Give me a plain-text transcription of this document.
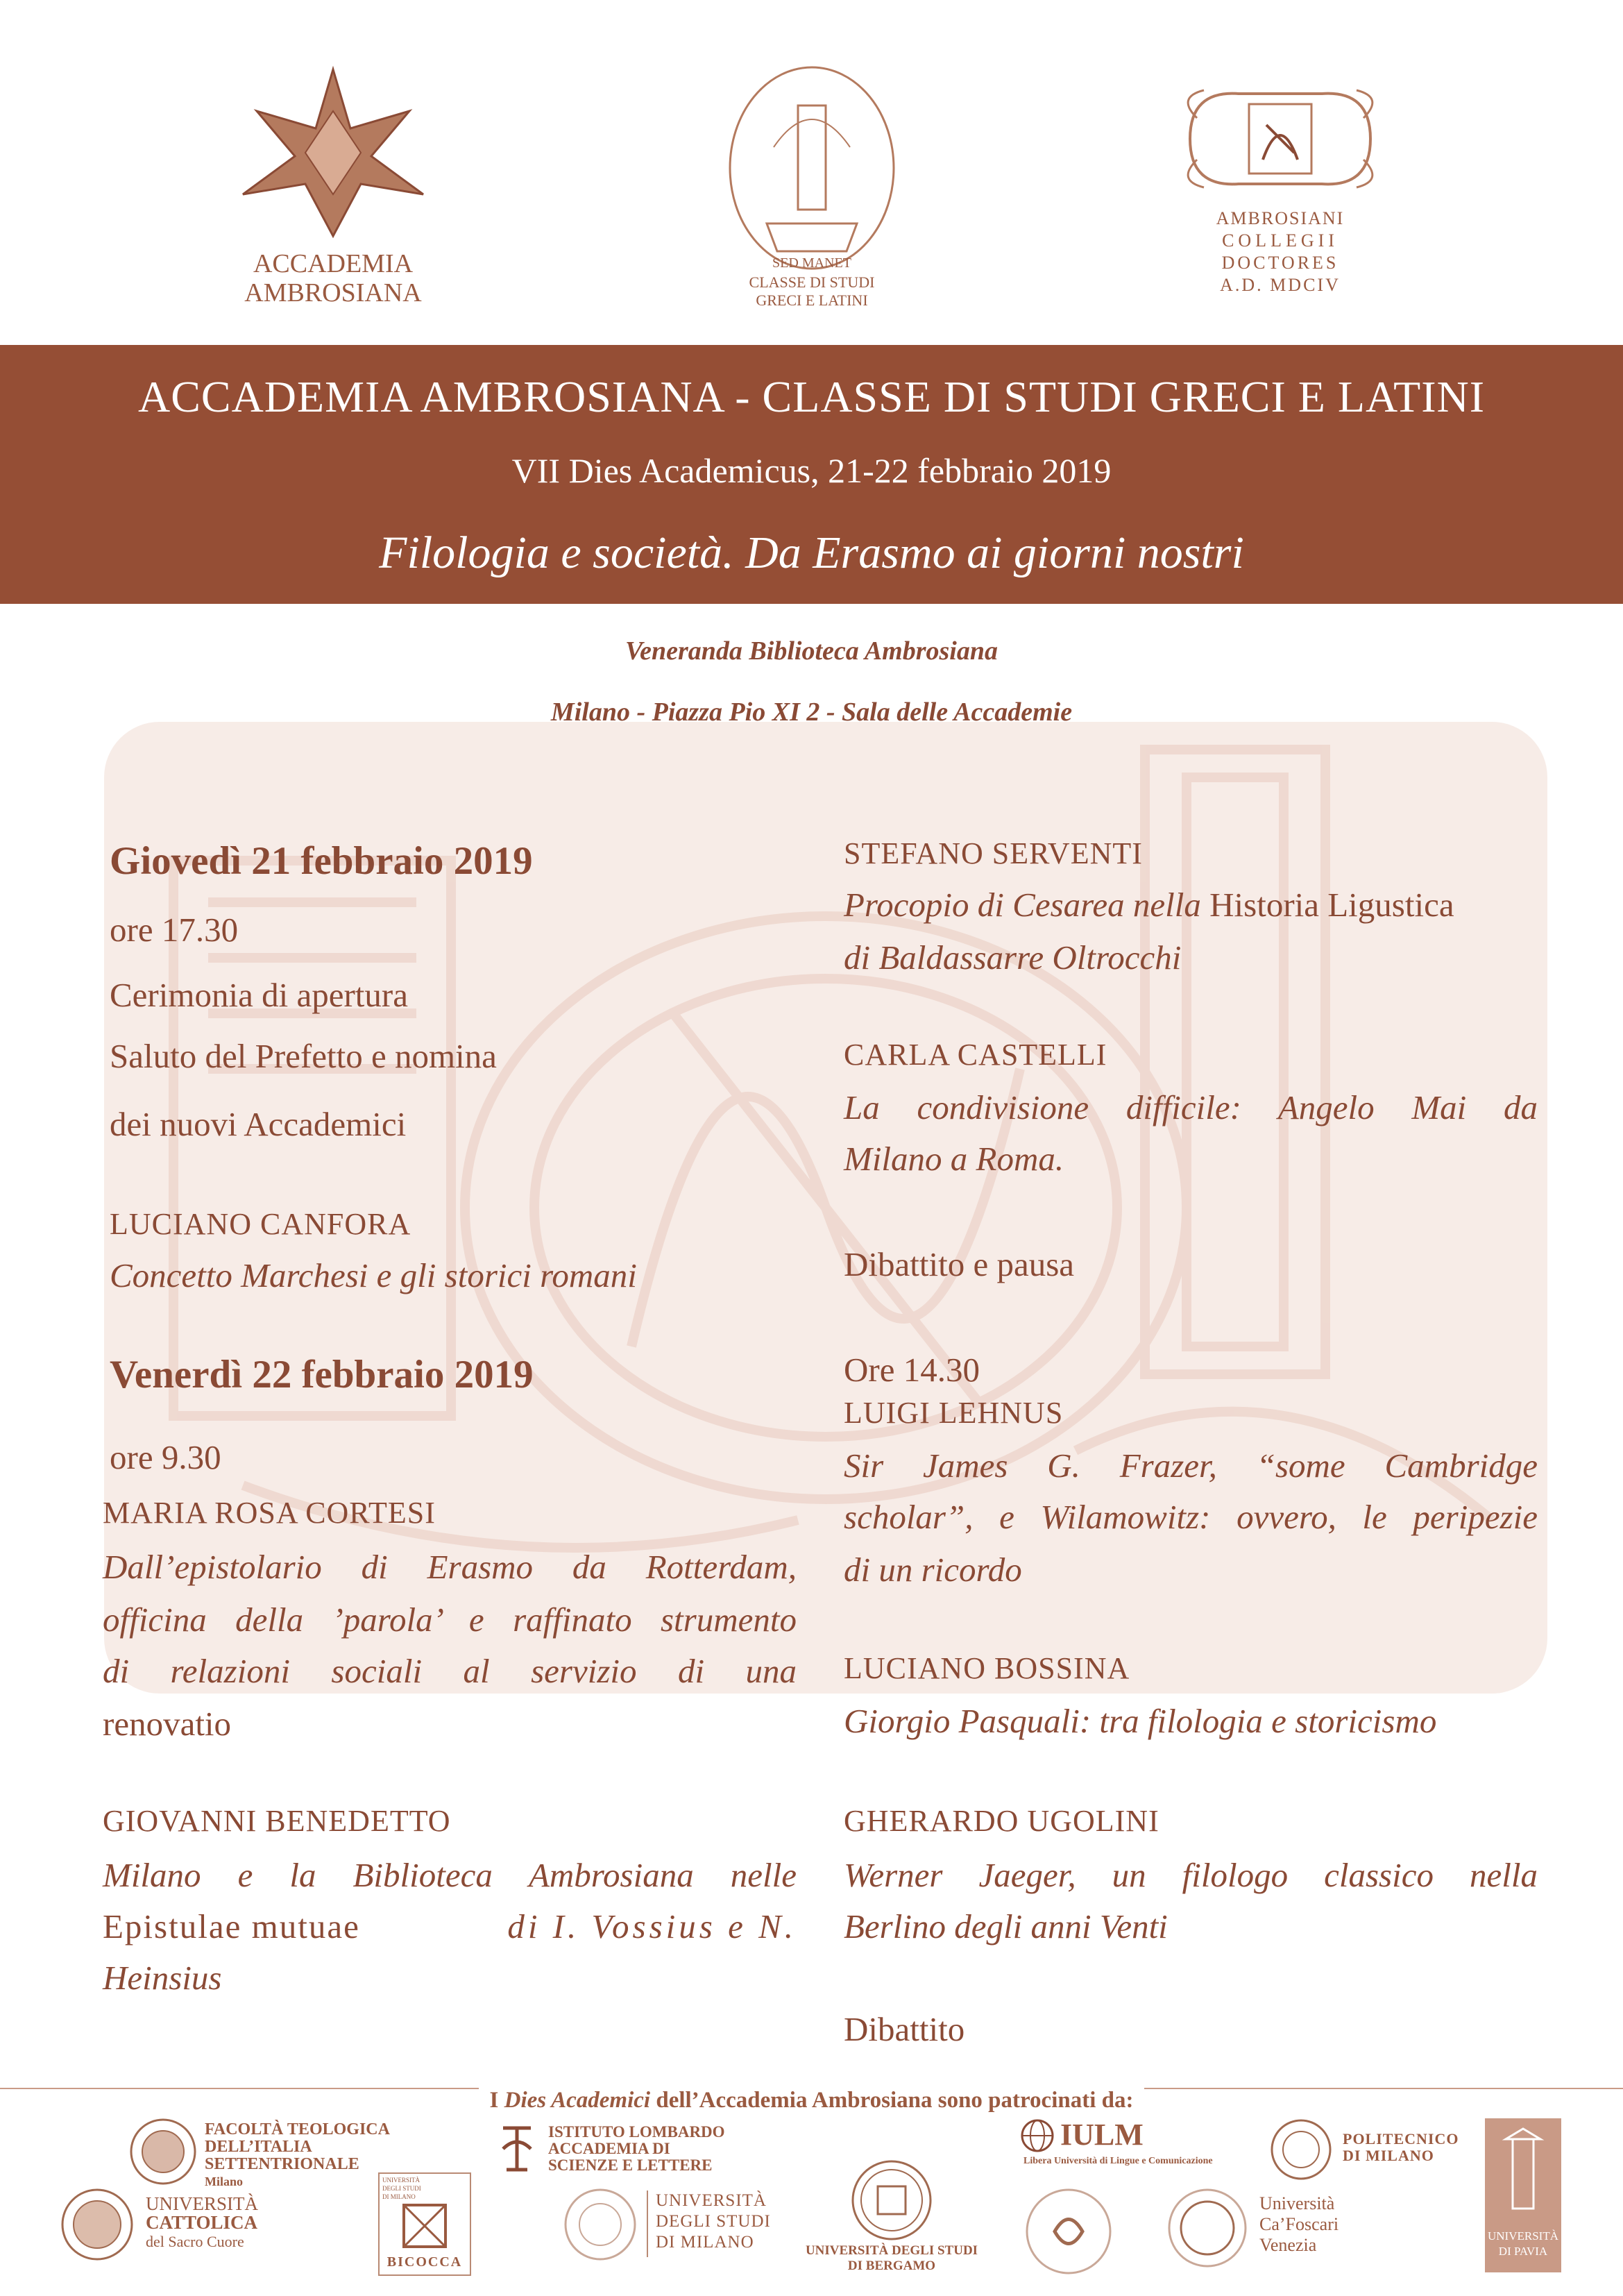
ACCADEMIA
AMBROSIANA
SED MANET
CLASSE DI STUDI
GRECI E LATINI
AMBROSIANI
COLLEGII
DOCTORES
A.D. MDCIV
ACCADEMIA AMBROSIANA - CLASSE DI STUDI GRECI E LATINI
VII Dies Academicus, 21-22 febbraio 2019
Filologia e società. Da Erasmo ai giorni nostri
Veneranda Biblioteca Ambrosiana
Milano - Piazza Pio XI 2 - Sala delle Accademie
Giovedì 21 febbraio 2019
ore 17.30
Cerimonia di apertura
Saluto del Prefetto e nomina
dei nuovi Accademici
LUCIANO CANFORA
Concetto Marchesi e gli storici romani
Venerdì 22 febbraio 2019
ore 9.30
MARIA ROSA CORTESI
Dall’epistolario di Erasmo da Rotterdam,
officina della ’parola’ e raffinato strumento
di relazioni sociali al servizio di una
renovatio
GIOVANNI BENEDETTO
Milano e la Biblioteca Ambrosiana nelle
Epistulae mutuae	di I. Vossius e N.
Heinsius
STEFANO SERVENTI
Procopio di Cesarea nella Historia Ligustica
di Baldassarre Oltrocchi
CARLA CASTELLI
La condivisione difficile: Angelo Mai da
Milano a Roma.
Dibattito e pausa
Ore 14.30
LUIGI LEHNUS
Sir James G. Frazer, “some Cambridge
scholar”, e Wilamowitz: ovvero, le peripezie
di un ricordo
LUCIANO BOSSINA
Giorgio Pasquali: tra filologia e storicismo
GHERARDO UGOLINI
Werner Jaeger, un filologo classico nella
Berlino degli anni Venti
Dibattito
I Dies Academici dell’Accademia Ambrosiana sono patrocinati da:
FACOLTÀ TEOLOGICA
DELL’ITALIA
SETTENTRIONALE
Milano
ISTITUTO LOMBARDO
ACCADEMIA DI
SCIENZE E LETTERE
IULM
Libera Università di Lingue e Comunicazione
POLITECNICO
DI MILANO
UNIVERSITÀ
DI PAVIA
UNIVERSITÀ
CATTOLICA
del Sacro Cuore
UNIVERSITÀ
DEGLI STUDI
DI MILANO
BICOCCA
UNIVERSITÀ
DEGLI STUDI
DI MILANO	UNIVERSITÀ DEGLI STUDI
DI BERGAMO
Università
Ca’Foscari
Venezia
